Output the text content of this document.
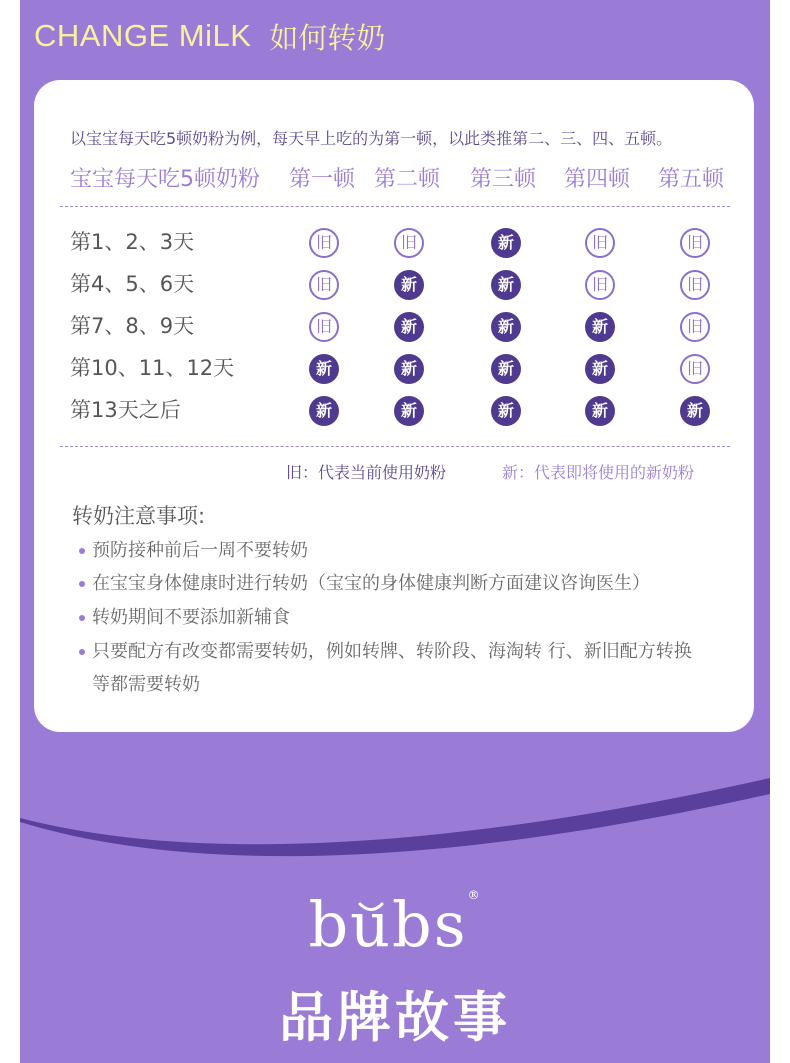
CHANGE MiLK 如何转奶
以宝宝每天吃5顿奶粉为例，每天早上吃的为第一顿，以此类推第二、三、四、五顿。
宝宝每天吃5顿奶粉 第一顿 第二顿 第三顿 第四顿 第五顿
第1、2、3天	旧	旧	新	旧	旧
第4、5、6天	旧	新	新	旧	旧
第7、8、9天	旧	新	新	新	旧
第10、11、12天	新	新	新	新	旧
第13天之后	新	新	新	新	新
旧：代表当前使用奶粉	新：代表即将使用的新奶粉
转奶注意事项:
预防接种前后一周不要转奶
在宝宝身体健康时进行转奶（宝宝的身体健康判断方面建议咨询医生）
转奶期间不要添加新辅食
只要配方有改变都需要转奶，例如转牌、转阶段、海淘转 行、新旧配方转换等都需要转奶
bubs®
品牌故事
